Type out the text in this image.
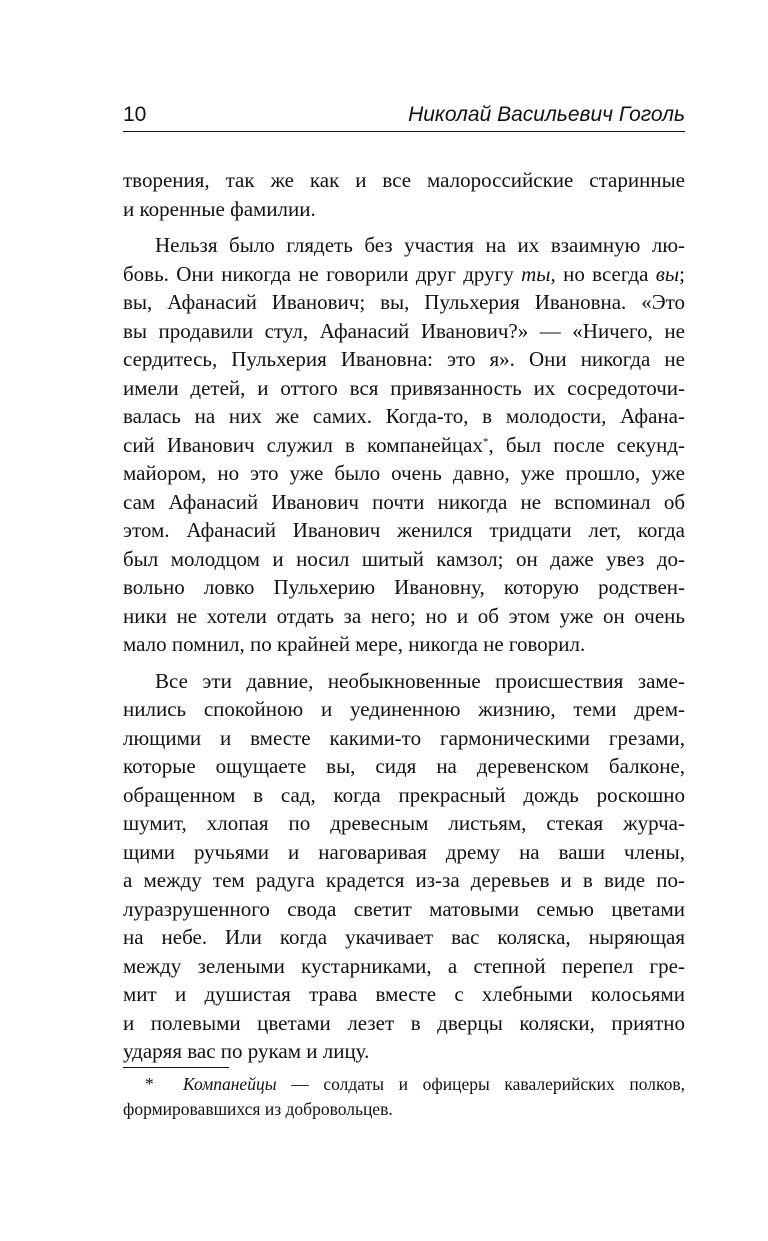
10	Николай Васильевич Гоголь
творения, так же как и все малороссийские старинные
и коренные фамилии.
Нельзя было глядеть без участия на их взаимную лю-
бовь. Они никогда не говорили друг другу ты, но всегда вы;
вы, Афанасий Иванович; вы, Пульхерия Ивановна. «Это
вы продавили стул, Афанасий Иванович?» — «Ничего, не
сердитесь, Пульхерия Ивановна: это я». Они никогда не
имели детей, и оттого вся привязанность их сосредоточи-
валась на них же самих. Когда-то, в молодости, Афана-
сий Иванович служил в компанейцах*, был после секунд-
майором, но это уже было очень давно, уже прошло, уже
сам Афанасий Иванович почти никогда не вспоминал об
этом. Афанасий Иванович женился тридцати лет, когда
был молодцом и носил шитый камзол; он даже увез до-
вольно ловко Пульхерию Ивановну, которую родствен-
ники не хотели отдать за него; но и об этом уже он очень
мало помнил, по крайней мере, никогда не говорил.
Все эти давние, необыкновенные происшествия заме-
нились спокойною и уединенною жизнию, теми дрем-
лющими и вместе какими-то гармоническими грезами,
которые ощущаете вы, сидя на деревенском балконе,
обращенном в сад, когда прекрасный дождь роскошно
шумит, хлопая по древесным листьям, стекая журча-
щими ручьями и наговаривая дрему на ваши члены,
а между тем радуга крадется из-за деревьев и в виде по-
луразрушенного свода светит матовыми семью цветами
на небе. Или когда укачивает вас коляска, ныряющая
между зелеными кустарниками, а степной перепел гре-
мит и душистая трава вместе с хлебными колосьями
и полевыми цветами лезет в дверцы коляски, приятно
ударяя вас по рукам и лицу.
* Компанейцы — солдаты и офицеры кавалерийских полков,
формировавшихся из добровольцев.
